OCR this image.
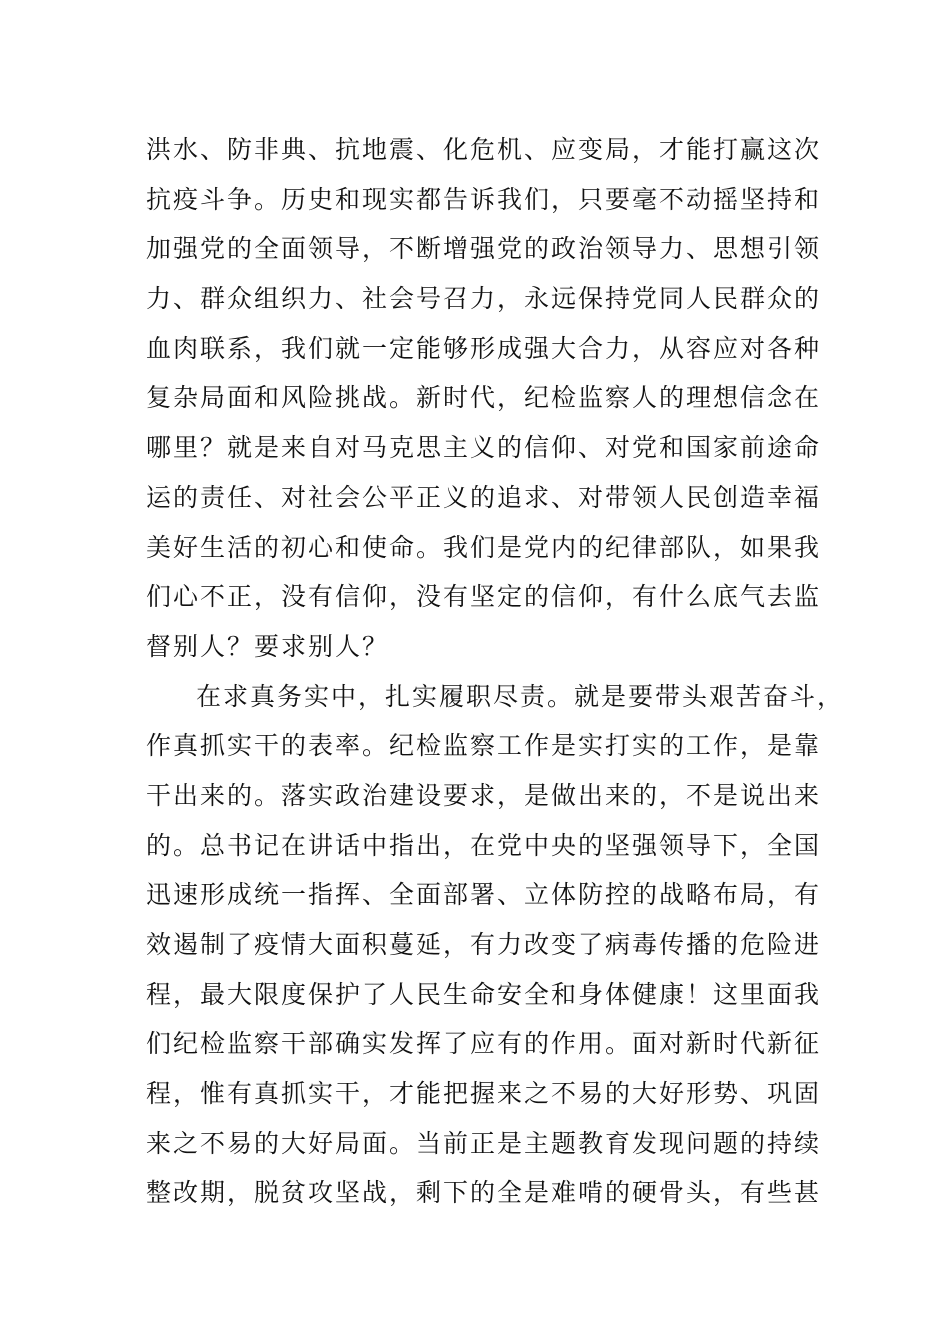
洪水、防非典、抗地震、化危机、应变局，才能打赢这次
抗疫斗争。历史和现实都告诉我们，只要毫不动摇坚持和
加强党的全面领导，不断增强党的政治领导力、思想引领
力、群众组织力、社会号召力，永远保持党同人民群众的
血肉联系，我们就一定能够形成强大合力，从容应对各种
复杂局面和风险挑战。新时代，纪检监察人的理想信念在
哪里？就是来自对马克思主义的信仰、对党和国家前途命
运的责任、对社会公平正义的追求、对带领人民创造幸福
美好生活的初心和使命。我们是党内的纪律部队，如果我
们心不正，没有信仰，没有坚定的信仰，有什么底气去监
督别人？要求别人？
在求真务实中，扎实履职尽责。就是要带头艰苦奋斗，
作真抓实干的表率。纪检监察工作是实打实的工作，是靠
干出来的。落实政治建设要求，是做出来的，不是说出来
的。总书记在讲话中指出，在党中央的坚强领导下，全国
迅速形成统一指挥、全面部署、立体防控的战略布局，有
效遏制了疫情大面积蔓延，有力改变了病毒传播的危险进
程，最大限度保护了人民生命安全和身体健康！这里面我
们纪检监察干部确实发挥了应有的作用。面对新时代新征
程，惟有真抓实干，才能把握来之不易的大好形势、巩固
来之不易的大好局面。当前正是主题教育发现问题的持续
整改期，脱贫攻坚战，剩下的全是难啃的硬骨头，有些甚
